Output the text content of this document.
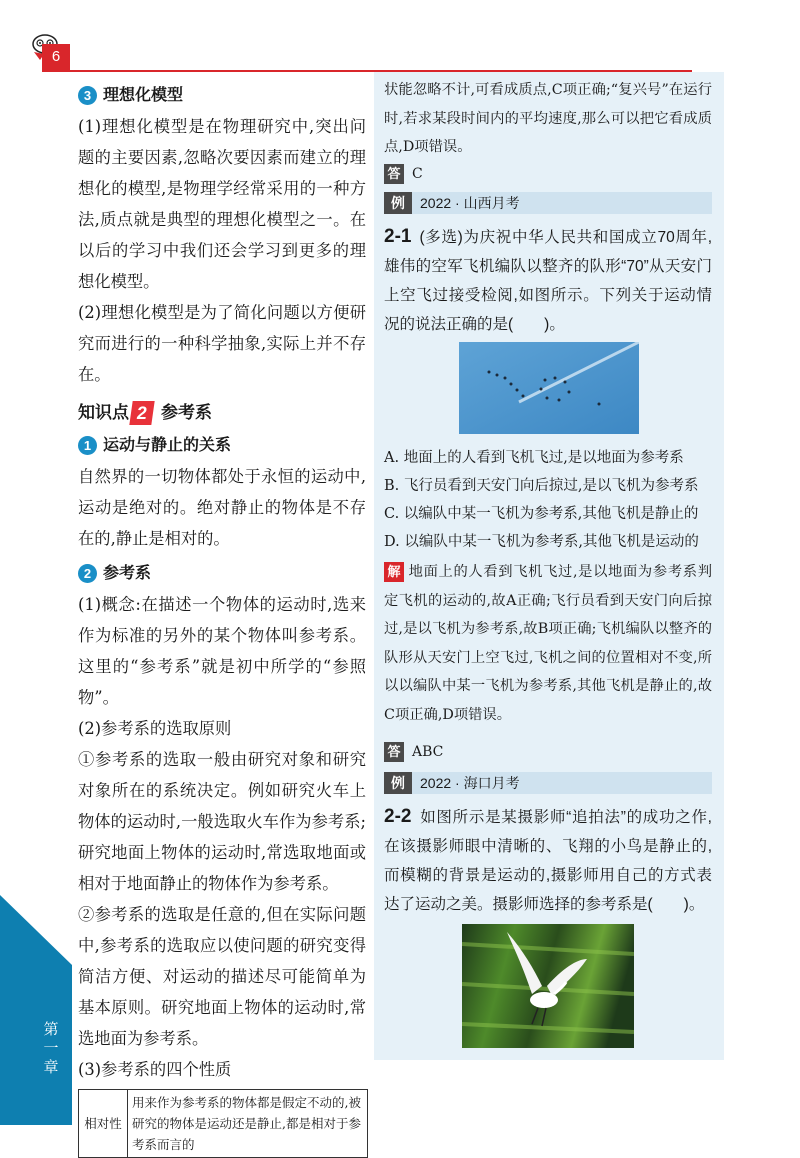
6
第一章
3 理想化模型

(1)理想化模型是在物理研究中,突出问题的主要因素,忽略次要因素而建立的理想化的模型,是物理学经常采用的一种方法,质点就是典型的理想化模型之一。在以后的学习中我们还会学习到更多的理想化模型。

(2)理想化模型是为了简化问题以方便研究而进行的一种科学抽象,实际上并不存在。

知识点 2 参考系
1 运动与静止的关系

自然界的一切物体都处于永恒的运动中,运动是绝对的。绝对静止的物体是不存在的,静止是相对的。

2 参考系

(1)概念:在描述一个物体的运动时,选来作为标准的另外的某个物体叫参考系。这里的“参考系”就是初中所学的“参照物”。

(2)参考系的选取原则

①参考系的选取一般由研究对象和研究对象所在的系统决定。例如研究火车上物体的运动时,一般选取火车作为参考系;研究地面上物体的运动时,常选取地面或相对于地面静止的物体作为参考系。

②参考系的选取是任意的,但在实际问题中,参考系的选取应以使问题的研究变得简洁方便、对运动的描述尽可能简单为基本原则。研究地面上物体的运动时,常选地面为参考系。

(3)参考系的四个性质

相对性	用来作为参考系的物体都是假定不动的,被研究的物体是运动还是静止,都是相对于参考系而言的

状能忽略不计,可看成质点,C项正确;“复兴号”在运行时,若求某段时间内的平均速度,那么可以把它看成质点,D项错误。

答 C
例	2022 · 山西月考

2-1 (多选)为庆祝中华人民共和国成立70周年,雄伟的空军飞机编队以整齐的队形“70”从天安门上空飞过接受检阅,如图所示。下列关于运动情况的说法正确的是(　　)。

A. 地面上的人看到飞机飞过,是以地面为参考系

B. 飞行员看到天安门向后掠过,是以飞机为参考系

C. 以编队中某一飞机为参考系,其他飞机是静止的

D. 以编队中某一飞机为参考系,其他飞机是运动的

解 地面上的人看到飞机飞过,是以地面为参考系判定飞机的运动的,故A正确;飞行员看到天安门向后掠过,是以飞机为参考系,故B项正确;飞机编队以整齐的队形从天安门上空飞过,飞机之间的位置相对不变,所以以编队中某一飞机为参考系,其他飞机是静止的,故C项正确,D项错误。

答 ABC
例	2022 · 海口月考

2-2 如图所示是某摄影师“追拍法”的成功之作,在该摄影师眼中清晰的、飞翔的小鸟是静止的,而模糊的背景是运动的,摄影师用自己的方式表达了运动之美。摄影师选择的参考系是(　　)。
